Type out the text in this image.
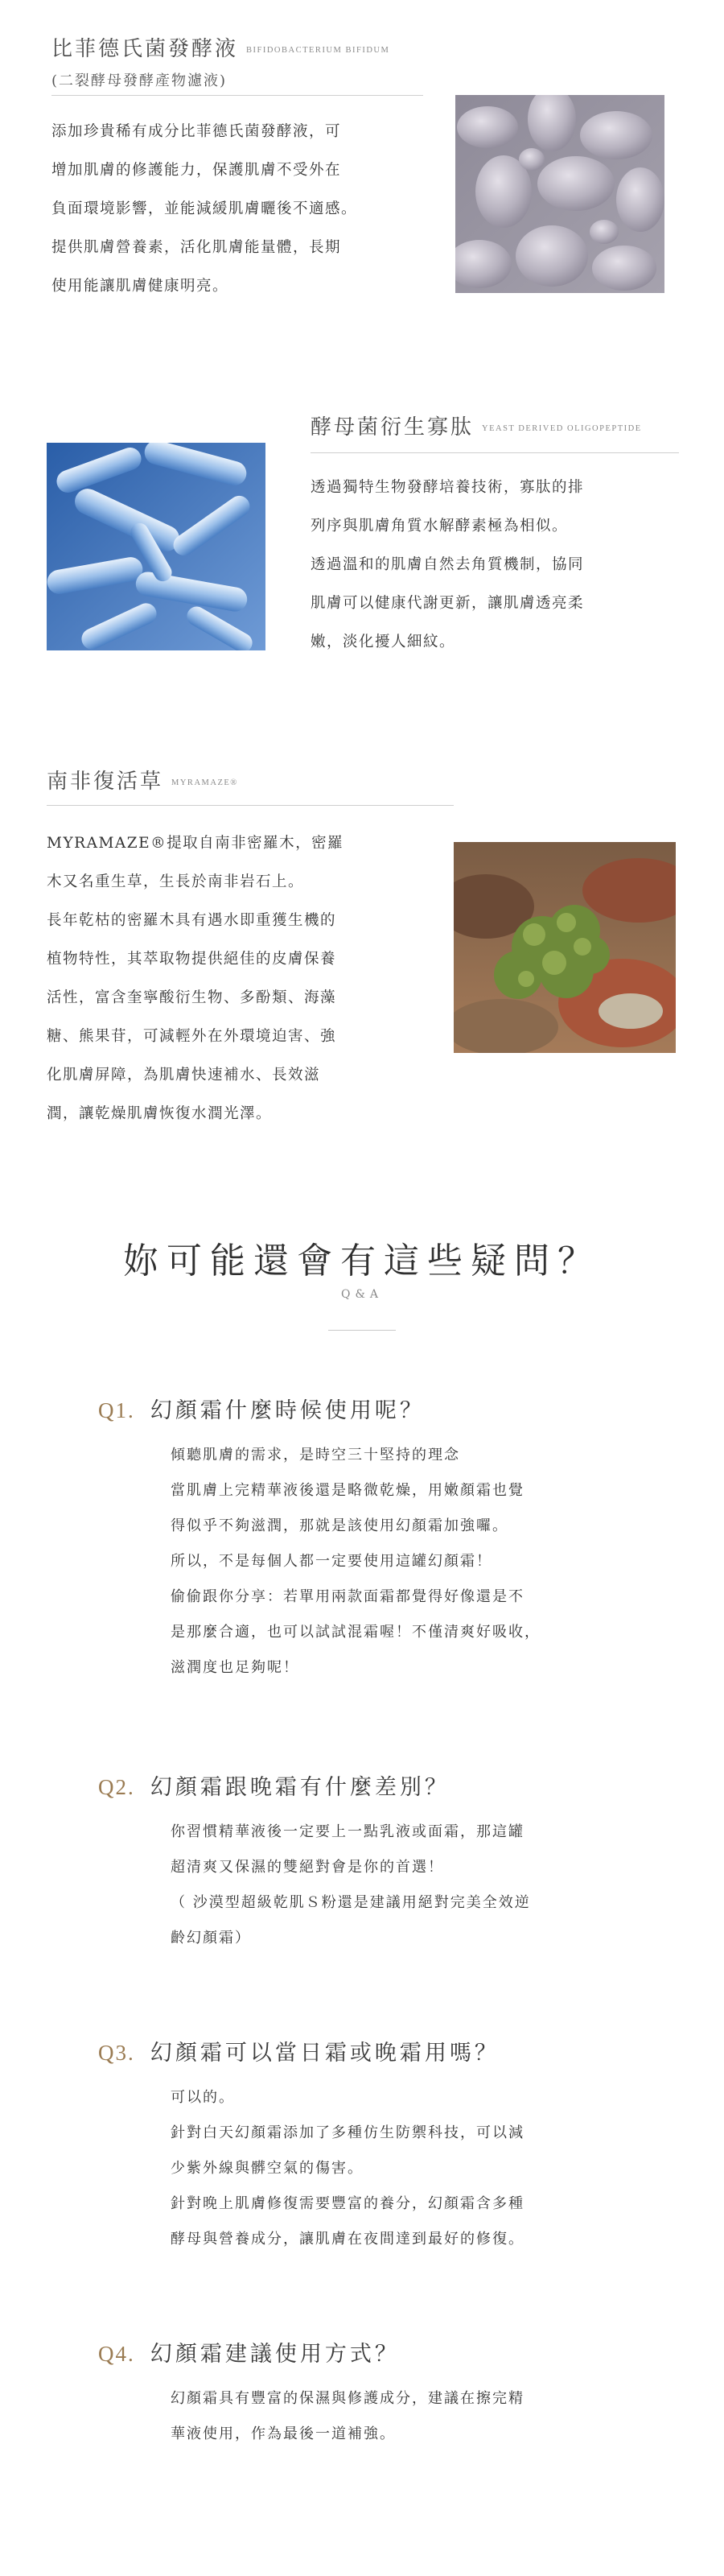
比菲德氏菌發酵液 BIFIDOBACTERIUM BIFIDUM
(二裂酵母發酵產物濾液)

添加珍貴稀有成分比菲德氏菌發酵液，可

增加肌膚的修護能力，保護肌膚不受外在

負面環境影響，並能減緩肌膚曬後不適感。

提供肌膚營養素，活化肌膚能量體，長期

使用能讓肌膚健康明亮。

酵母菌衍生寡肽 YEAST DERIVED OLIGOPEPTIDE

透過獨特生物發酵培養技術，寡肽的排

列序與肌膚角質水解酵素極為相似。

透過溫和的肌膚自然去角質機制，協同

肌膚可以健康代謝更新，讓肌膚透亮柔

嫩，淡化擾人細紋。

南非復活草 MYRAMAZE®

MYRAMAZE®提取自南非密羅木，密羅

木又名重生草，生長於南非岩石上。

長年乾枯的密羅木具有遇水即重獲生機的

植物特性，其萃取物提供絕佳的皮膚保養

活性，富含奎寧酸衍生物、多酚類、海藻

糖、熊果苷，可減輕外在外環境迫害、強

化肌膚屏障，為肌膚快速補水、長效滋

潤，讓乾燥肌膚恢復水潤光澤。

妳可能還會有這些疑問？
Q&A
Q1. 幻顏霜什麼時候使用呢？

傾聽肌膚的需求，是時空三十堅持的理念

當肌膚上完精華液後還是略微乾燥，用嫩顏霜也覺

得似乎不夠滋潤，那就是該使用幻顏霜加強囉。

所以，不是每個人都一定要使用這罐幻顏霜！

偷偷跟你分享：若單用兩款面霜都覺得好像還是不

是那麼合適，也可以試試混霜喔！不僅清爽好吸收，

滋潤度也足夠呢！

Q2. 幻顏霜跟晚霜有什麼差別？

你習慣精華液後一定要上一點乳液或面霜，那這罐

超清爽又保濕的雙絕對會是你的首選！

（ 沙漠型超級乾肌Ｓ粉還是建議用絕對完美全效逆

齡幻顏霜）

Q3. 幻顏霜可以當日霜或晚霜用嗎？

可以的。

針對白天幻顏霜添加了多種仿生防禦科技，可以減

少紫外線與髒空氣的傷害。

針對晚上肌膚修復需要豐富的養分，幻顏霜含多種

酵母與營養成分，讓肌膚在夜間達到最好的修復。

Q4. 幻顏霜建議使用方式？

幻顏霜具有豐富的保濕與修護成分，建議在擦完精

華液使用，作為最後一道補強。
